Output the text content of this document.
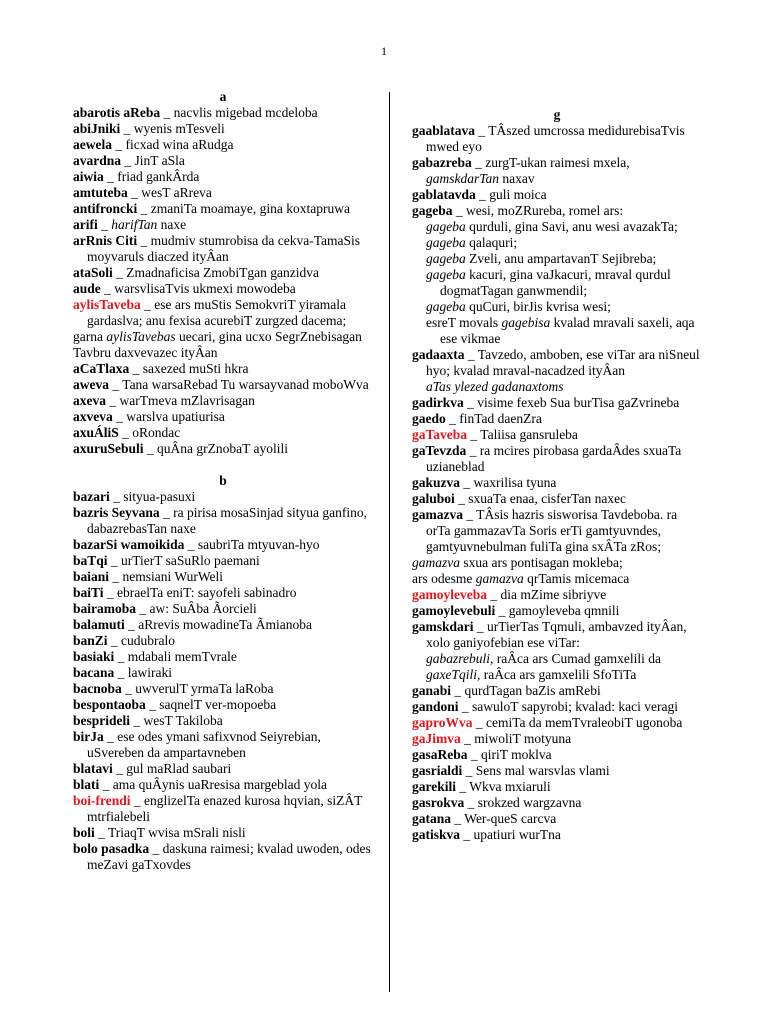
1
a
abarotis aReba _ nacvlis migebad mcdeloba
abiJniki _ wyenis mTesveli
aewela _ ficxad wina aRudga
avardna _ JinT aSla
aiwia _ friad gankÂrda
amtuteba _ wesT aRreva
antifroncki _ zmaniTa moamaye, gina koxtapruwa
arifi _ harifTan naxe
arRnis Citi _ mudmiv stumrobisa da cekva-TamaSis moyvaruls diaczed ityÂan
ataSoli _ Zmadnaficisa ZmobiTgan ganzidva
aude _ warsvlisaTvis ukmexi mowodeba
aylisTaveba _ ese ars muStis SemokvriT yiramala gardaslva; anu fexisa acurebiT zurgzed dacema;
garna aylisTavebas uecari, gina ucxo SegrZnebisagan Tavbru daxvevazec ityÂan
aCaTlaxa _ saxezed muSti hkra
aweva _ Tana warsaRebad Tu warsayvanad moboWva
axeva _ warTmeva mZlavrisagan
axveva _ warslva upatiurisa
axuÁliS _ oRondac
axuruSebuli _ quÂna grZnobaT ayolili
b
bazari _ sityua-pasuxi
bazris Seyvana _ ra pirisa mosaSinjad sityua ganfino, dabazrebasTan naxe
bazarSi wamoikida _ saubriTa mtyuvan-hyo
baTqi _ urTierT saSuRlo paemani
baiani _ nemsiani WurWeli
baiTi _ ebraelTa eniT: sayofeli sabinadro
bairamoba _ aw: SuÂba Ãorcieli
balamuti _ aRrevis mowadineTa Ãmianoba
banZi _ cudubralo
basiaki _ mdabali memTvrale
bacana _ lawiraki
bacnoba _ uwverulT yrmaTa laRoba
bespontaoba _ saqnelT ver-mopoeba
besprideli _ wesT Takiloba
birJa _ ese odes ymani safixvnod Seiyrebian, uSvereben da ampartavneben
blatavi _ gul maRlad saubari
blati _ ama quÂynis uaRresisa margeblad yola
boi-frendi _ englizelTa enazed kurosa hqvian, siZÂT mtrfialebeli
boli _ TriaqT wvisa mSrali nisli
bolo pasadka _ daskuna raimesi; kvalad uwoden, odes meZavi gaTxovdes
g
gaablatava _ TÂszed umcrossa medidurebisaTvis mwed eyo
gabazreba _ zurgT-ukan raimesi mxela,
gamskdarTan naxav
gablatavda _ guli moica
gageba _ wesi, moZRureba, romel ars:
gageba qurduli, gina Savi, anu wesi avazakTa;
gageba qalaquri;
gageba Zveli, anu ampartavanT Sejibreba;
gageba kacuri, gina vaJkacuri, mraval qurdul dogmatTagan ganwmendil;
gageba quCuri, birJis kvrisa wesi;
esreT movals gagebisa kvalad mravali saxeli, aqa ese vikmae
gadaaxta _ Tavzedo, amboben, ese viTar ara niSneul hyo; kvalad mraval-nacadzed ityÂan
aTas ylezed gadanaxtoms
gadirkva _ visime fexeb Sua burTisa gaZvrineba
gaedo _ finTad daenZra
gaTaveba _ Taliisa gansruleba
gaTevzda _ ra mcires pirobasa gardaÂdes sxuaTa uzianeblad
gakuzva _ waxrilisa tyuna
galuboi _ sxuaTa enaa, cisferTan naxec
gamazva _ TÂsis hazris sisworisa Tavdeboba. ra orTa gammazavTa Soris erTi gamtyuvndes, gamtyuvnebulman fuliTa gina sxÂTa zRos;
gamazva sxua ars pontisagan mokleba;
ars odesme gamazva qrTamis micemaca
gamoyleveba _ dia mZime sibriyve
gamoylevebuli _ gamoyleveba qmnili
gamskdari _ urTierTas Tqmuli, ambavzed ityÂan, xolo ganiyofebian ese viTar:
gabazrebuli, raÂca ars Cumad gamxelili da
gaxeTqili, raÂca ars gamxelili SfoTiTa
ganabi _ qurdTagan baZis amRebi
gandoni _ sawuloT sapyrobi; kvalad: kaci veragi
gaproWva _ cemiTa da memTvraleobiT ugonoba
gaJimva _ miwoliT motyuna
gasaReba _ qiriT moklva
gasrialdi _ Sens mal warsvlas vlami
garekili _ Wkva mxiaruli
gasrokva _ srokzed wargzavna
gatana _ Wer-queS carcva
gatiskva _ upatiuri wurTna
